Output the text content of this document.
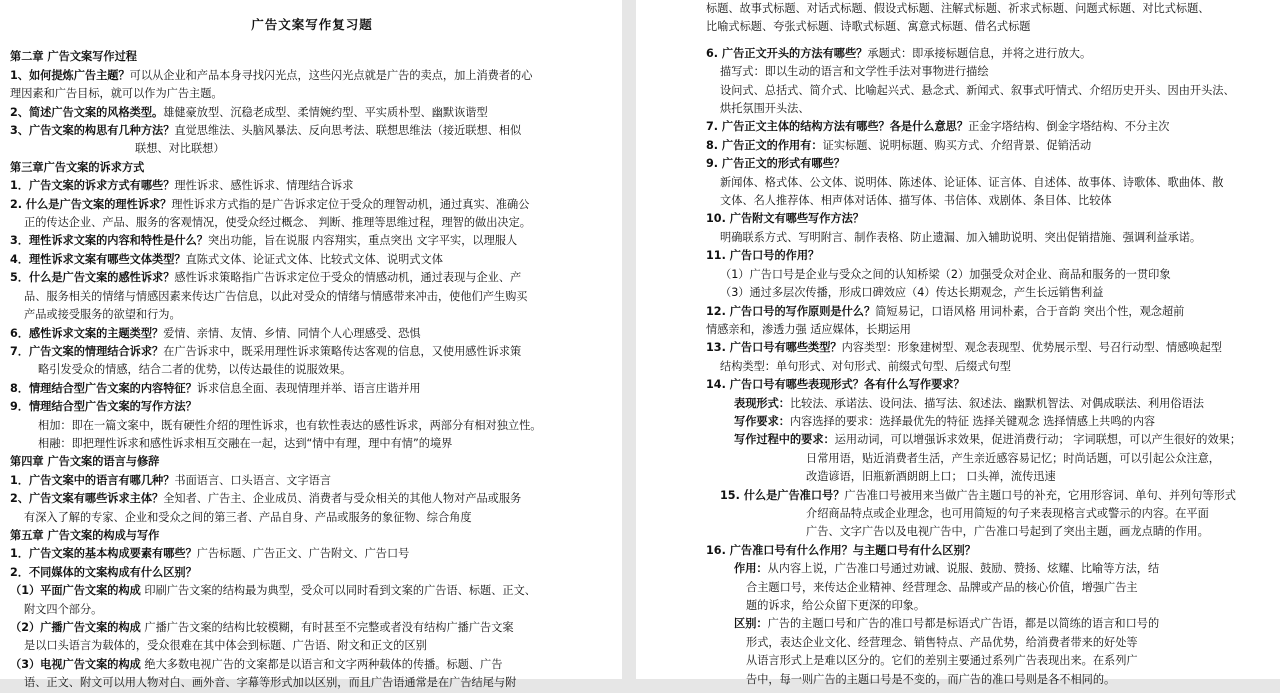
广告文案写作复习题
第二章 广告文案写作过程
1、如何提炼广告主题？可以从企业和产品本身寻找闪光点，这些闪光点就是广告的卖点，加上消费者的心
理因素和广告目标，就可以作为广告主题。
2、简述广告文案的风格类型。雄健豪放型、沉稳老成型、柔情婉约型、平实质朴型、幽默诙谐型
3、广告文案的构思有几种方法？直觉思维法、头脑风暴法、反向思考法、联想思维法（接近联想、相似
联想、对比联想）
第三章广告文案的诉求方式
1．广告文案的诉求方式有哪些？理性诉求、感性诉求、情理结合诉求
2. 什么是广告文案的理性诉求？理性诉求方式指的是广告诉求定位于受众的理智动机，通过真实、准确公
正的传达企业、产品、服务的客观情况，使受众经过概念、 判断、推理等思维过程，理智的做出决定。
3．理性诉求文案的内容和特性是什么？突出功能，旨在说服 内容翔实，重点突出 文字平实，以理服人
4．理性诉求文案有哪些文体类型？直陈式文体、论证式文体、比较式文体、说明式文体
5．什么是广告文案的感性诉求？感性诉求策略指广告诉求定位于受众的情感动机，通过表现与企业、产
品、服务相关的情绪与情感因素来传达广告信息，以此对受众的情绪与情感带来冲击，使他们产生购买
产品或接受服务的欲望和行为。
6．感性诉求文案的主题类型？爱情、亲情、友情、乡情、同情个人心理感受、恐惧
7．广告文案的情理结合诉求？在广告诉求中，既采用理性诉求策略传达客观的信息，又使用感性诉求策
略引发受众的情感，结合二者的优势，以传达最佳的说服效果。
8．情理结合型广告文案的内容特征？诉求信息全面、表现情理并举、语言庄谐并用
9．情理结合型广告文案的写作方法？
相加：即在一篇文案中，既有硬性介绍的理性诉求，也有软性表达的感性诉求，两部分有相对独立性。
相融：即把理性诉求和感性诉求相互交融在一起，达到“情中有理，理中有情”的境界
第四章 广告文案的语言与修辞
1．广告文案中的语言有哪几种？书面语言、口头语言、文字语言
2、广告文案有哪些诉求主体？全知者、广告主、企业成员、消费者与受众相关的其他人物对产品或服务
有深入了解的专家、企业和受众之间的第三者、产品自身、产品或服务的象征物、综合角度
第五章 广告文案的构成与写作
1．广告文案的基本构成要素有哪些？广告标题、广告正文、广告附文、广告口号
2．不同媒体的文案构成有什么区别？
（1）平面广告文案的构成 印刷广告文案的结构最为典型，受众可以同时看到文案的广告语、标题、正文、
附文四个部分。
（2）广播广告文案的构成 广播广告文案的结构比较模糊，有时甚至不完整或者没有结构广播广告文案
是以口头语言为载体的，受众很难在其中体会到标题、广告语、附文和正文的区别
（3）电视广告文案的构成 绝大多数电视广告的文案都是以语言和文字两种载体的传播。标题、广告
语、正文、附文可以用人物对白、画外音、字幕等形式加以区别，而且广告语通常是在广告结尾与附
标题、故事式标题、对话式标题、假设式标题、注解式标题、祈求式标题、问题式标题、对比式标题、
比喻式标题、夸张式标题、诗歌式标题、寓意式标题、借名式标题
6. 广告正文开头的方法有哪些？承题式：即承接标题信息，并将之进行放大。
描写式：即以生动的语言和文学性手法对事物进行描绘
设问式、总括式、简介式、比喻起兴式、悬念式、新闻式、叙事式吁情式、介绍历史开头、因由开头法、
烘托氛围开头法、
7. 广告正文主体的结构方法有哪些？各是什么意思？正金字塔结构、倒金字塔结构、不分主次
8. 广告正文的作用有：证实标题、说明标题、购买方式、介绍背景、促销活动
9. 广告正文的形式有哪些？
新闻体、格式体、公文体、说明体、陈述体、论证体、证言体、自述体、故事体、诗歌体、歌曲体、散
文体、名人推荐体、相声体对话体、描写体、书信体、戏剧体、条目体、比较体
10. 广告附文有哪些写作方法？
明确联系方式、写明附言、制作表格、防止遗漏、加入辅助说明、突出促销措施、强调利益承诺。
11. 广告口号的作用？
（1）广告口号是企业与受众之间的认知桥梁（2）加强受众对企业、商品和服务的一贯印象
（3）通过多层次传播，形成口碑效应（4）传达长期观念，产生长远销售利益
12. 广告口号的写作原则是什么？简短易记，口语风格 用词朴素，合于音韵 突出个性，观念超前
情感亲和，渗透力强 适应媒体，长期运用
13. 广告口号有哪些类型？内容类型：形象建树型、观念表现型、优势展示型、号召行动型、情感唤起型
结构类型：单句形式、对句形式、前缀式句型、后缀式句型
14. 广告口号有哪些表现形式？各有什么写作要求？
表现形式：比较法、承诺法、设问法、描写法、叙述法、幽默机智法、对偶成联法、利用俗语法
写作要求：内容选择的要求：选择最优先的特征 选择关键观念 选择情感上共鸣的内容
写作过程中的要求：运用动词，可以增强诉求效果，促进消费行动； 字词联想，可以产生很好的效果；
日常用语，贴近消费者生活，产生亲近感容易记忆；时尚话题，可以引起公众注意，
改造谚语，旧瓶新酒朗朗上口； 口头禅，流传迅速
15. 什么是广告准口号？广告准口号被用来当做广告主题口号的补充，它用形容词、单句、并列句等形式
介绍商品特点或企业理念，也可用简短的句子来表现格言式或警示的内容。在平面
广告、文字广告以及电视广告中，广告准口号起到了突出主题，画龙点睛的作用。
16. 广告准口号有什么作用？与主题口号有什么区别？
作用：从内容上说，广告准口号通过劝诫、说服、鼓励、赞扬、炫耀、比喻等方法，结
合主题口号，来传达企业精神、经营理念、品牌或产品的核心价值，增强广告主
题的诉求，给公众留下更深的印象。
区别：广告的主题口号和广告的准口号都是标语式广告语，都是以简练的语言和口号的
形式，表达企业文化、经营理念、销售特点、产品优势，给消费者带来的好处等
从语言形式上是难以区分的。它们的差别主要通过系列广告表现出来。在系列广
告中，每一则广告的主题口号是不变的，而广告的准口号则是各不相同的。
